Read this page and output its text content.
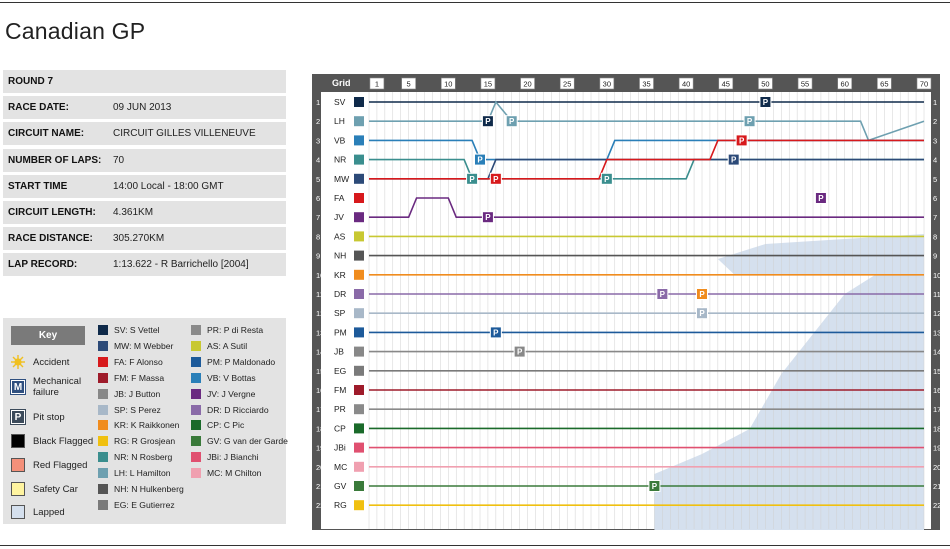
Canadian GP
ROUND 7
RACE DATE:	09 JUN 2013
CIRCUIT NAME:	CIRCUIT GILLES VILLENEUVE
NUMBER OF LAPS:	70
START TIME	14:00 Local - 18:00 GMT
CIRCUIT LENGTH:	4.361KM
RACE DISTANCE:	305.270KM
LAP RECORD:	1:13.622 - R Barrichello [2004]
Key
Accident
M Mechanical failure
P	Pit stop
Black Flagged
Red Flagged
Safety Car
Lapped
SV: S Vettel
MW: M Webber
FA: F Alonso
FM: F Massa
JB: J Button
SP: S Perez
KR: K Raikkonen
RG: R Grosjean
NR: N Rosberg
LH: L Hamilton
NH: N Hulkenberg
EG: E Gutierrez
PR: P di Resta
AS: A Sutil
PM: P Maldonado
VB: V Bottas
JV: J Vergne
DR: D Ricciardo
CP: C Pic
GV: G van der Garde
JBi: J Bianchi
MC: M Chilton
Grid	1	5	10	15	20	25	30	35	40	45	50	55	60	65	70
1	1
2	2
3	3
4	4
5	5
6	6
7	7
8	8
9	9
10	10
11	11
12	12
13	13
14	14
15	15
16	16
17	17
18	18
19	19
20	20
21	21
22	22
SV
LH
VB
NR
MW
FA
JV
AS
NH
KR
DR
SP
PM
JB
EG
FM
PR
CP
JBi
MC
GV
RG
P
P
P	P
P
P	P
P
P
P
P
P
P
P
P
P
P
P
